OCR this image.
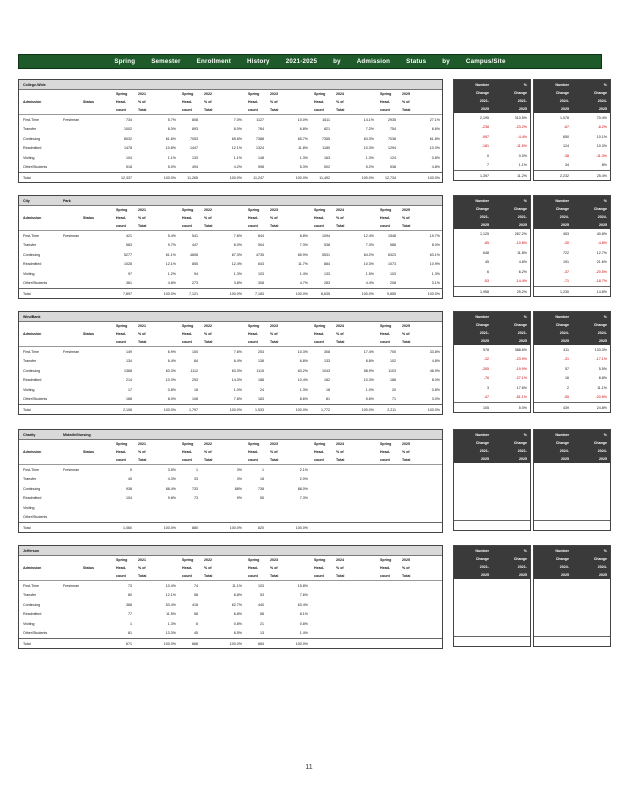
Spring	Semester	Enrollment	History	2021-2025	by	Admission	Status	by	Campus/Site
College-Wide
Spring	2021	Spring	2022	Spring	2023	Spring	2024	Spring	2025
Admission	Status	Head-	% of	Head-	% of	Head-	% of	Head-	% of	Head-	% of
count	Total	count	Total	count	Total	count	Total	count	Total
First-Time	Freshman	734	5.7%	808	7.0%	1127	10.0%	1611	14.1%	2935	27.1%
Transfer	1002	8.0%	893	8.0%	764	6.8%	821	7.2%	754	6.6%
Continuing	8032	61.6%	7053	65.6%	7388	65.7%	7355	63.3%	7038	61.8%
Readmitted	1478	10.8%	1447	12.1%	1324	11.8%	1180	10.3%	1294	10.3%
Visiting	104	1.1%	133	1.1%	148	1.3%	163	1.3%	124	0.8%
Other/Students	518	5.0%	494	4.2%	598	5.3%	502	5.2%	538	4.8%
Total	12,337	100.0%	11,265	100.0%	11,247	100.0%	11,492	100.0%	12,734	100.0%
Number	%
Change	Change
2021-	2021-
2025	2025
2,195	310.5%
-238	-23.2%
-997	-4.4%
-181	-11.5%
0	0.0%
7	1.1%
1,397	11.2%
Number	%
Change	Change
2024-	2024-
2025	2025
1,078	70.4%
-67	-8.2%
650	10.1%
124	10.3%
-38	-11.3%
34	8%
2,232	25.4%
City	Park
Spring	2021	Spring	2022	Spring	2023	Spring	2024	Spring	2025
Admission	Status	Head-	% of	Head-	% of	Head-	% of	Head-	% of	Head-	% of
count	Total	count	Total	count	Total	count	Total	count	Total
First-Time	Freshman	421	5.4%	541	7.6%	844	8.8%	1094	12.4%	1548	19.7%
Transfer	583	9.7%	447	8.0%	504	7.3%	538	7.3%	588	8.0%
Continuing	5277	61.1%	4808	67.3%	4735	65.9%	5531	64.2%	6323	63.1%
Readmitted	1028	12.1%	855	12.4%	843	11.7%	884	10.3%	1073	10.9%
Visiting	97	1.2%	94	1.3%	103	1.4%	133	1.5%	103	1.3%
Other/Students	361	4.8%	273	3.8%	308	4.7%	283	4.4%	208	3.1%
Total	7,897	100.0%	7,121	100.0%	7,183	100.0%	8,635	100.0%	9,855	100.0%
Number	%
Change	Change
2021-	2021-
2025	2025
1,125	267.2%
-65	-10.8%
648	11.8%
45	4.8%
6	6.2%
-53	-14.4%
1,958	25.2%
Number	%
Change	Change
2024-	2024-
2025	2025
453	40.8%
-30	-4.8%
722	12.7%
191	21.6%
-37	-20.5%
-71	-18.7%
1,230	14.8%
WindBank
Spring	2021	Spring	2022	Spring	2023	Spring	2024	Spring	2025
Admission	Status	Head-	% of	Head-	% of	Head-	% of	Head-	% of	Head-	% of
count	Total	count	Total	count	Total	count	Total	count	Total
First-Time	Freshman	149	6.9%	100	7.6%	253	10.3%	308	17.4%	700	33.8%
Transfer	134	6.4%	84	6.4%	138	6.8%	133	6.8%	102	4.8%
Continuing	1368	63.3%	1112	63.3%	1115	63.2%	1043	58.9%	1103	46.9%
Readmitted	214	10.3%	253	14.3%	188	10.4%	182	10.3%	188	8.0%
Visiting	17	0.8%	18	1.0%	24	1.3%	18	1.0%	20	0.8%
Other/Students	168	8.0%	108	7.8%	183	8.6%	81	5.6%	71	3.0%
Total	2,106	100.0%	1,797	100.0%	1,533	100.0%	1,772	100.0%	2,211	100.0%
Number	%
Change	Change
2021-	2021-
2025	2025
578	388.6%
-32	-23.9%
-265	-19.9%
-76	-27.1%
3	17.6%
-47	-61.1%
105	5.0%
Number	%
Change	Change
2024-	2024-
2025	2025
411	133.3%
-31	-17.1%
57	5.5%
16	8.8%
2	11.1%
-55	-20.6%
439	24.8%
Charity	Midwife/Nursing
Spring	2021	Spring	2022	Spring	2023	Spring	2024	Spring	2025
Admission	Status	Head-	% of	Head-	% of	Head-	% of	Head-	% of	Head-	% of
count	Total	count	Total	count	Total	count	Total	count	Total
First-Time	Freshman	5	3.5%	1	3%	1	2.1%
Transfer	45	4.3%	33	3%	18	2.0%
Continuing	938	88.4%	733	88%	738	88.0%
Readmitted	104	9.8%	73	9%	55	7.3%
Visiting
Other/Students
Total	1,060	100.0%	880	100.0%	820	100.0%
Number	%
Change	Change
2021-	2021-
2025	2025
Number	%
Change	Change
2024-	2024-
2025	2025
Jefferson
Spring	2021	Spring	2022	Spring	2023	Spring	2024	Spring	2025
Admission	Status	Head-	% of	Head-	% of	Head-	% of	Head-	% of	Head-	% of
count	Total	count	Total	count	Total	count	Total	count	Total
First-Time	Freshman	73	10.4%	74	11.1%	103	15.8%
Transfer	80	12.1%	58	8.8%	53	7.6%
Continuing	368	53.4%	418	62.7%	440	63.4%
Readmitted	77	11.5%	58	8.8%	58	8.1%
Visiting	1	1.3%	6	0.8%	21	0.8%
Other/Students	81	13.3%	45	8.5%	13	1.4%
Total	671	100.0%	668	100.0%	684	100.0%
Number	%
Change	Change
2021-	2021-
2025	2025
Number	%
Change	Change
2024-	2024-
2025	2025
11
